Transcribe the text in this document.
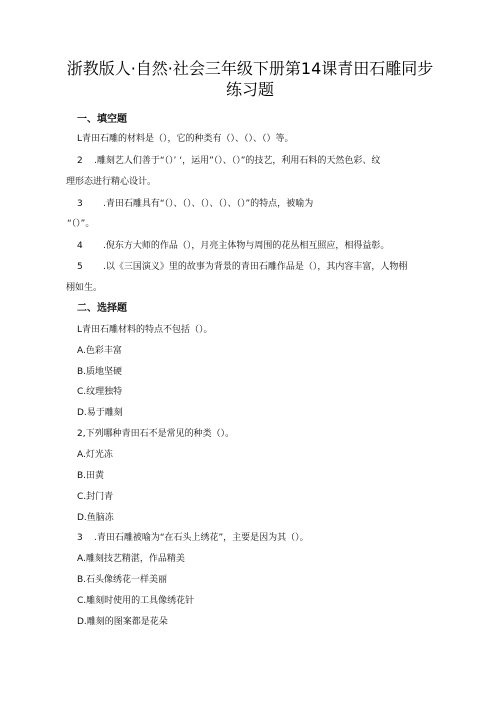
浙教版人·自然·社会三年级下册第14课青田石雕同步
练习题
一、填空题
L青田石雕的材料是（），它的种类有（）、（）、（）等。
2 .雕刻艺人们善于“（）’ ‘，运用”（）、（）”的技艺，利用石料的天然色彩、纹
理形态进行精心设计。
3 .青田石雕具有“（）、（）、（）、（）、（）”的特点，被喻为
“（）”。
4 .倪东方大师的作品（），月亮主体物与周围的花丛相互照应，相得益彰。
5 .以《三国演义》里的故事为背景的青田石雕作品是（），其内容丰富，人物栩
栩如生。
二、选择题
L青田石雕材料的特点不包括（）。
A.色彩丰富
B.质地坚硬
C.纹理独特
D.易于雕刻
2,下列哪种青田石不是常见的种类（）。
A.灯光冻
B.田黄
C.封门青
D.鱼脑冻
3 .青田石雕被喻为“在石头上绣花”，主要是因为其（）。
A.雕刻技艺精湛，作品精美
B.石头像绣花一样美丽
C.雕刻时使用的工具像绣花针
D.雕刻的图案都是花朵
